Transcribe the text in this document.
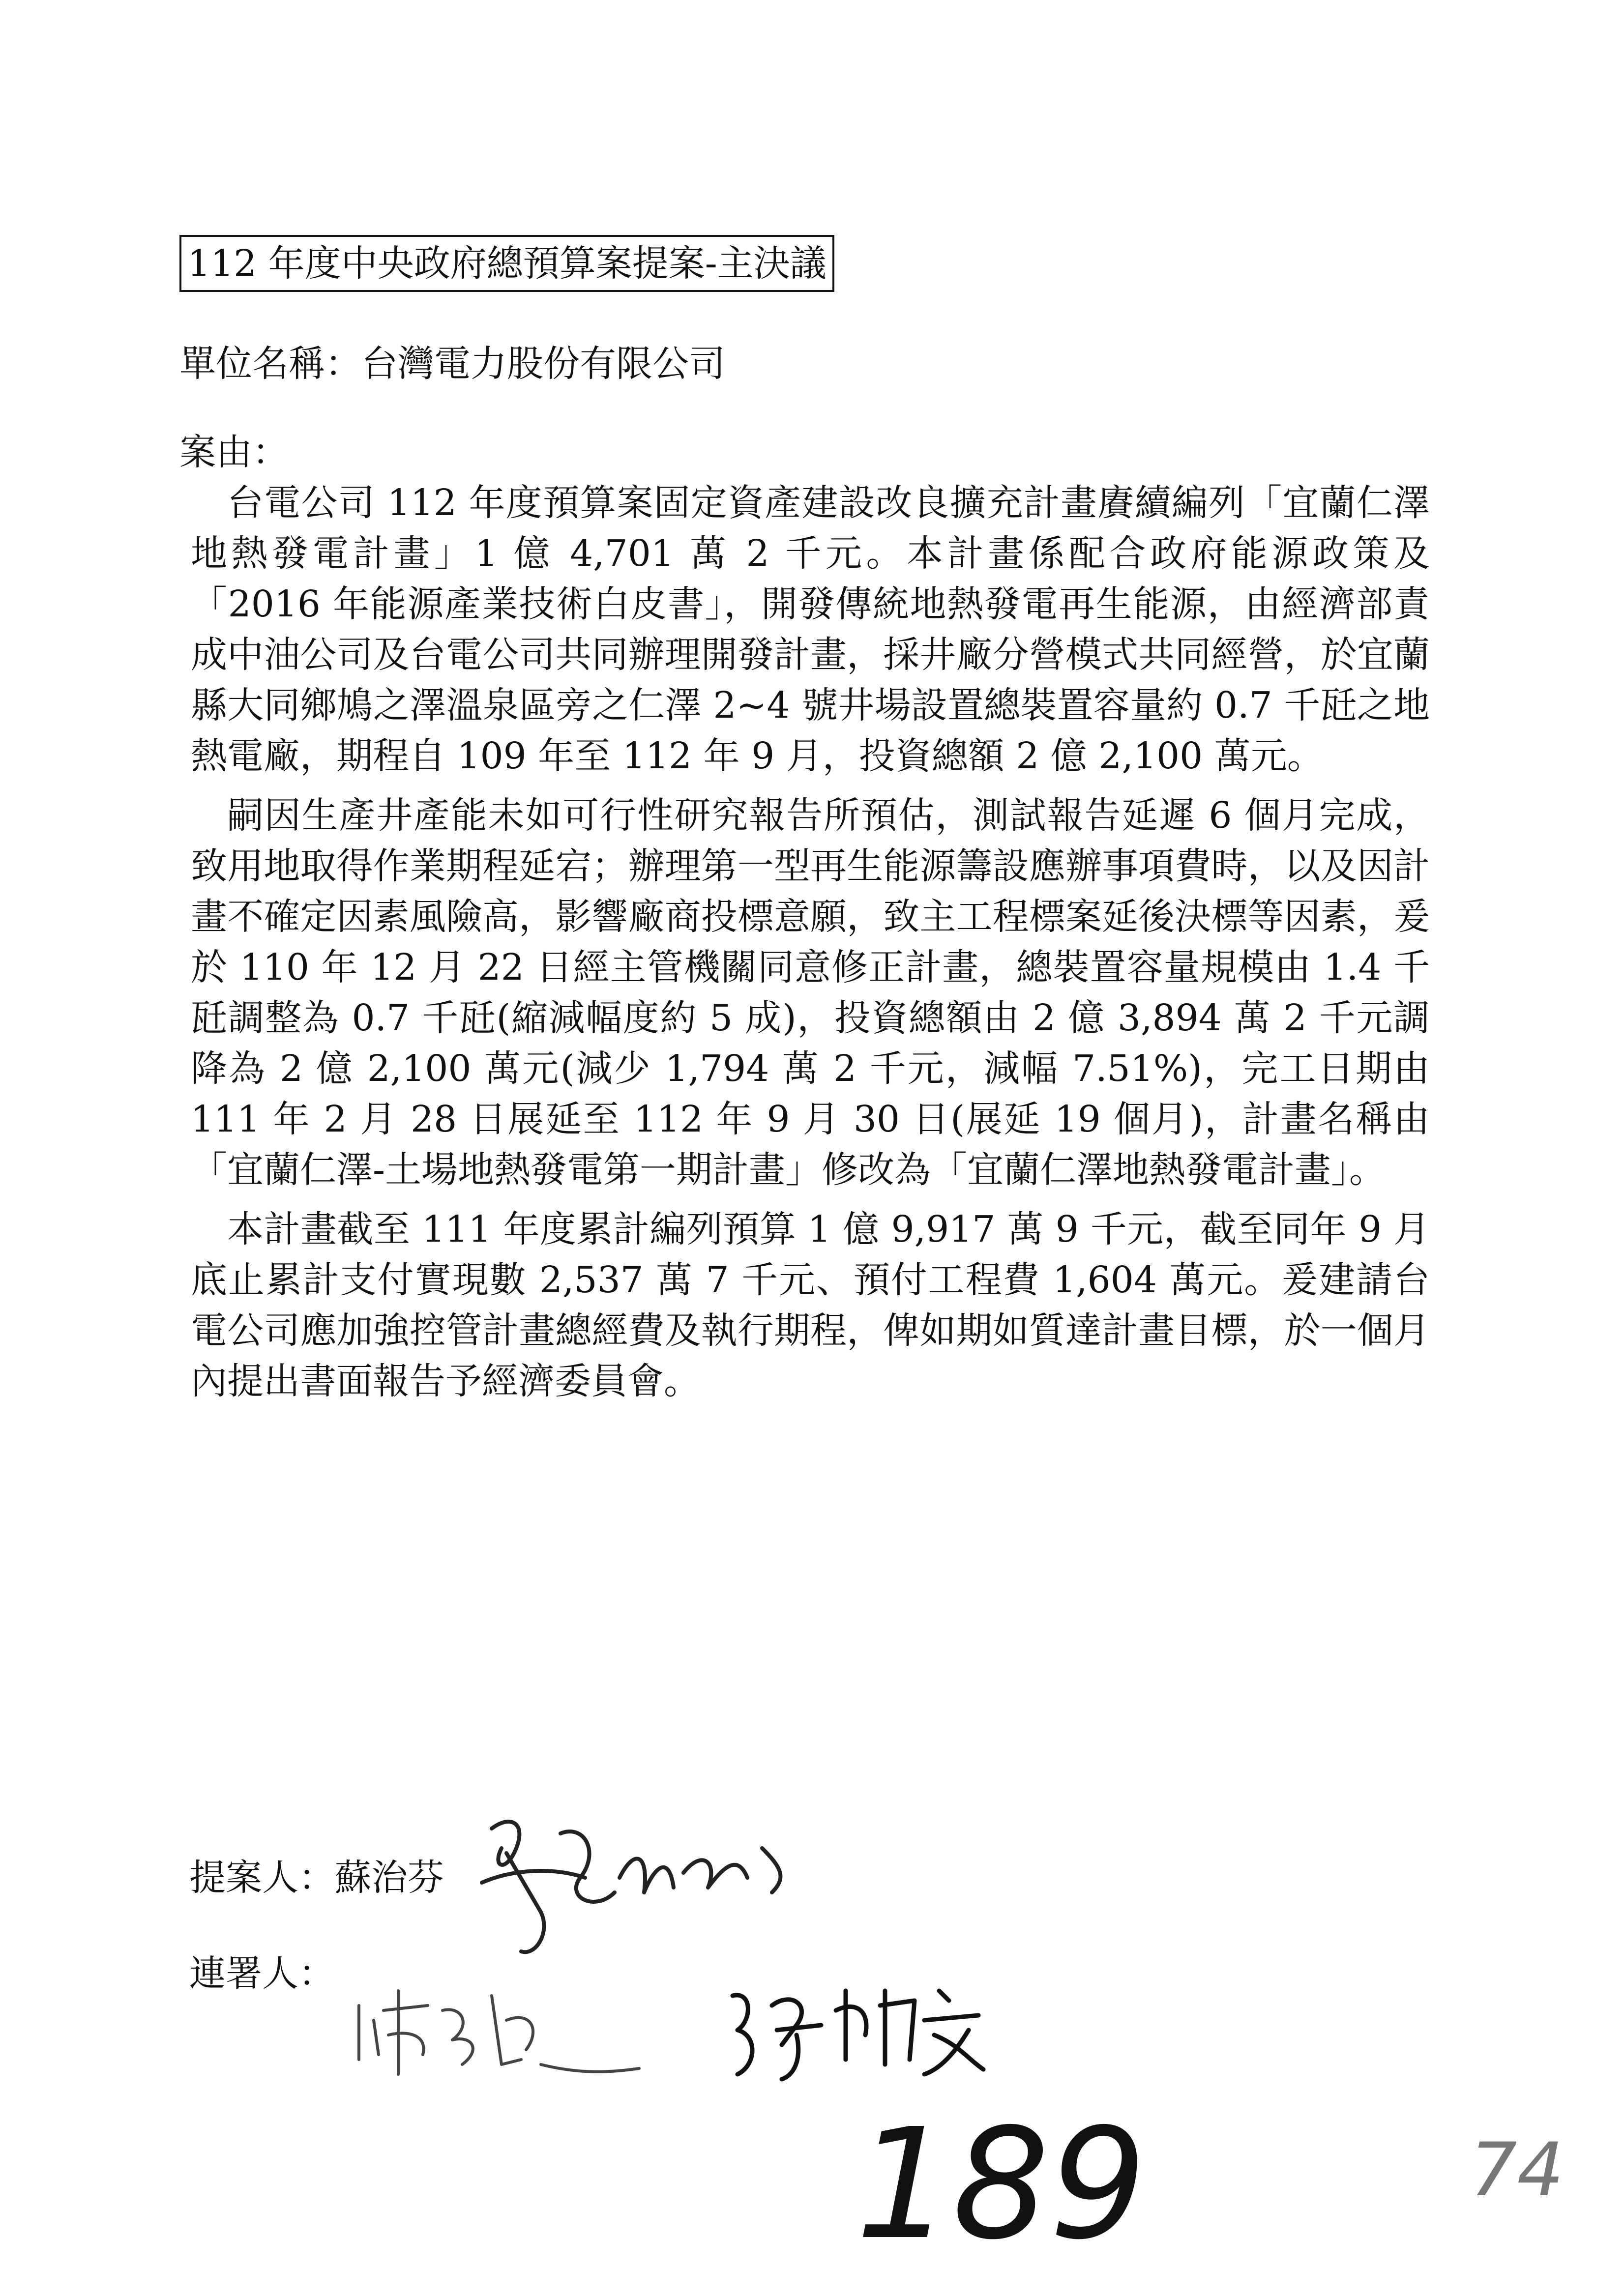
112 年度中央政府總預算案提案-主決議
單位名稱：台灣電力股份有限公司
案由：

台電公司 112 年度預算案固定資產建設改良擴充計畫賡續編列「宜蘭仁澤地熱發電計畫」1 億 4,701 萬 2 千元。本計畫係配合政府能源政策及「2016 年能源產業技術白皮書」，開發傳統地熱發電再生能源，由經濟部責成中油公司及台電公司共同辦理開發計畫，採井廠分營模式共同經營，於宜蘭縣大同鄉鳩之澤溫泉區旁之仁澤 2~4 號井場設置總裝置容量約 0.7 千瓩之地熱電廠，期程自 109 年至 112 年 9 月，投資總額 2 億 2,100 萬元。

嗣因生產井產能未如可行性研究報告所預估，測試報告延遲 6 個月完成，致用地取得作業期程延宕；辦理第一型再生能源籌設應辦事項費時，以及因計畫不確定因素風險高，影響廠商投標意願，致主工程標案延後決標等因素，爰於 110 年 12 月 22 日經主管機關同意修正計畫，總裝置容量規模由 1.4 千瓩調整為 0.7 千瓩(縮減幅度約 5 成)，投資總額由 2 億 3,894 萬 2 千元調降為 2 億 2,100 萬元(減少 1,794 萬 2 千元，減幅 7.51%)，完工日期由 111 年 2 月 28 日展延至 112 年 9 月 30 日(展延 19 個月)，計畫名稱由「宜蘭仁澤-土場地熱發電第一期計畫」修改為「宜蘭仁澤地熱發電計畫」。

本計畫截至 111 年度累計編列預算 1 億 9,917 萬 9 千元，截至同年 9 月底止累計支付實現數 2,537 萬 7 千元、預付工程費 1,604 萬元。爰建請台電公司應加強控管計畫總經費及執行期程，俾如期如質達計畫目標，於一個月內提出書面報告予經濟委員會。

提案人：蘇治芬
連署人：
189	74
